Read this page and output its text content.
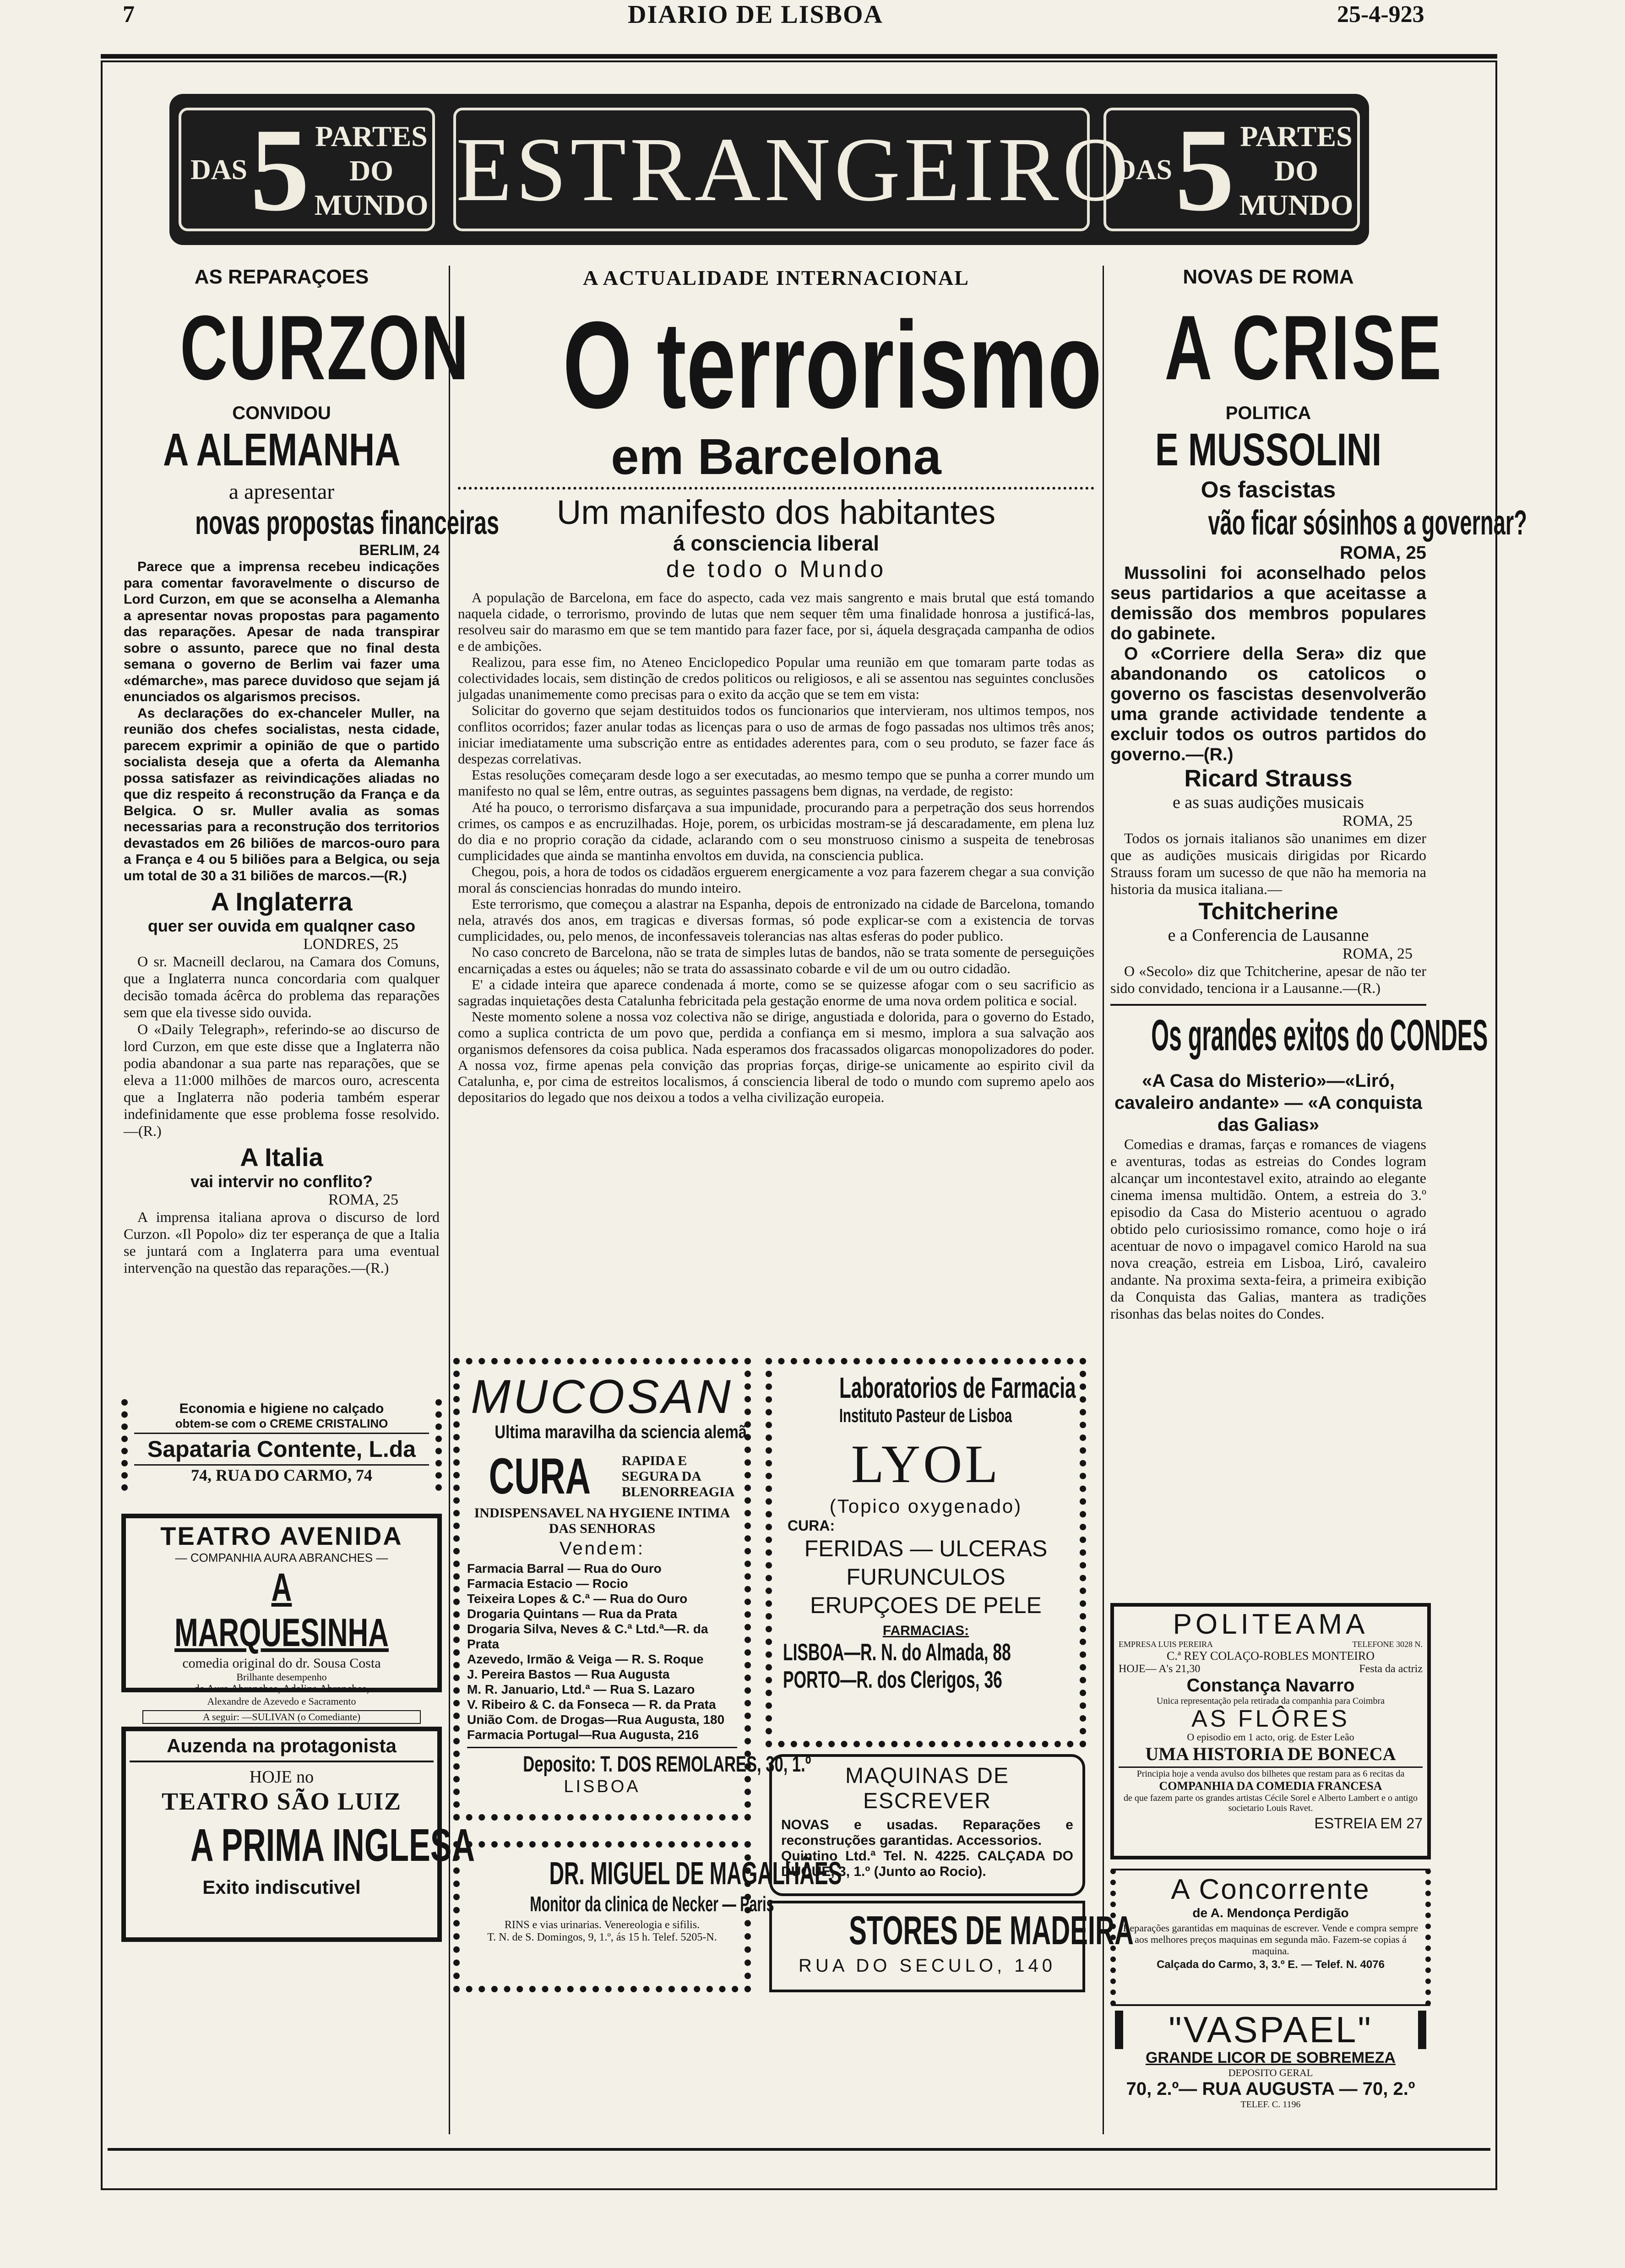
7	DIARIO DE LISBOA	25-4-923
DAS 5 PARTES
DO
MUNDO ESTRANGEIRO
DAS 5 PARTES
DO
MUNDO
AS REPARAÇOES
CURZON
CONVIDOU
A ALEMANHA
a apresentar
novas propostas financeiras
BERLIM, 24

Parece que a imprensa recebeu indicações para comentar favoravelmente o discurso de Lord Curzon, em que se aconselha a Alemanha a apresentar novas propostas para pagamento das reparações. Apesar de nada transpirar sobre o assunto, parece que no final desta semana o governo de Berlim vai fazer uma «démarche», mas parece duvidoso que sejam já enunciados os algarismos precisos.

As declarações do ex-chanceler Muller, na reunião dos chefes socialistas, nesta cidade, parecem exprimir a opinião de que o partido socialista deseja que a oferta da Alemanha possa satisfazer as reivindicações aliadas no que diz respeito á reconstrução da França e da Belgica. O sr. Muller avalia as somas necessarias para a reconstrução dos territorios devastados em 26 biliões de marcos-ouro para a França e 4 ou 5 biliões para a Belgica, ou seja um total de 30 a 31 biliões de marcos.—(R.)

A Inglaterra
quer ser ouvida em qualqner caso
LONDRES, 25

O sr. Macneill declarou, na Camara dos Comuns, que a Inglaterra nunca concordaria com qualquer decisão tomada ácêrca do problema das reparações sem que ela tivesse sido ouvida.

O «Daily Telegraph», referindo-se ao discurso de lord Curzon, em que este disse que a Inglaterra não podia abandonar a sua parte nas reparações, que se eleva a 11:000 milhões de marcos ouro, acrescenta que a Inglaterra não poderia também esperar indefinidamente que esse problema fosse resolvido.—(R.)

A Italia
vai intervir no conflito?
ROMA, 25

A imprensa italiana aprova o discurso de lord Curzon. «Il Popolo» diz ter esperança de que a Italia se juntará com a Inglaterra para uma eventual intervenção na questão das reparações.—(R.)

Economia e higiene no calçado
obtem-se com o CREME CRISTALINO
Sapataria Contente, L.da
74, RUA DO CARMO, 74
TEATRO AVENIDA
— COMPANHIA AURA ABRANCHES —
A MARQUESINHA
comedia original do dr. Sousa Costa
Brilhante desempenho
de Aura Abranches, Adelina Abranches,
Alexandre de Azevedo e Sacramento
A seguir: —SULIVAN (o Comediante)
Auzenda na protagonista
HOJE no
TEATRO SÃO LUIZ
A PRIMA INGLESA
Exito indiscutivel
A ACTUALIDADE INTERNACIONAL
O terrorismo
em Barcelona
Um manifesto dos habitantes
á consciencia liberal
de todo o Mundo

A população de Barcelona, em face do aspecto, cada vez mais sangrento e mais brutal que está tomando naquela cidade, o terrorismo, provindo de lutas que nem sequer têm uma finalidade honrosa a justificá-las, resolveu sair do marasmo em que se tem mantido para fazer face, por si, áquela desgraçada campanha de odios e de ambições.

Realizou, para esse fim, no Ateneo Enciclopedico Popular uma reunião em que tomaram parte todas as colectividades locais, sem distinção de credos politicos ou religiosos, e ali se assentou nas seguintes conclusões julgadas unanimemente como precisas para o exito da acção que se tem em vista:

Solicitar do governo que sejam destituidos todos os funcionarios que intervieram, nos ultimos tempos, nos conflitos ocorridos; fazer anular todas as licenças para o uso de armas de fogo passadas nos ultimos três anos; iniciar imediatamente uma subscrição entre as entidades aderentes para, com o seu produto, se fazer face ás despezas correlativas.

Estas resoluções começaram desde logo a ser executadas, ao mesmo tempo que se punha a correr mundo um manifesto no qual se lêm, entre outras, as seguintes passagens bem dignas, na verdade, de registo:

Até ha pouco, o terrorismo disfarçava a sua impunidade, procurando para a perpetração dos seus horrendos crimes, os campos e as encruzilhadas. Hoje, porem, os urbicidas mostram-se já descaradamente, em plena luz do dia e no proprio coração da cidade, aclarando com o seu monstruoso cinismo a suspeita de tenebrosas cumplicidades que ainda se mantinha envoltos em duvida, na consciencia publica.

Chegou, pois, a hora de todos os cidadãos erguerem energicamente a voz para fazerem chegar a sua convição moral ás consciencias honradas do mundo inteiro.

Este terrorismo, que começou a alastrar na Espanha, depois de entronizado na cidade de Barcelona, tomando nela, através dos anos, em tragicas e diversas formas, só pode explicar-se com a existencia de torvas cumplicidades, ou, pelo menos, de inconfessaveis tolerancias nas altas esferas do poder publico.

No caso concreto de Barcelona, não se trata de simples lutas de bandos, não se trata somente de perseguições encarniçadas a estes ou áqueles; não se trata do assassinato cobarde e vil de um ou outro cidadão.

E' a cidade inteira que aparece condenada á morte, como se se quizesse afogar com o seu sacrificio as sagradas inquietações desta Catalunha febricitada pela gestação enorme de uma nova ordem politica e social.

Neste momento solene a nossa voz colectiva não se dirige, angustiada e dolorida, para o governo do Estado, como a suplica contricta de um povo que, perdida a confiança em si mesmo, implora a sua salvação aos organismos defensores da coisa publica. Nada esperamos dos fracassados oligarcas monopolizadores do poder. A nossa voz, firme apenas pela convição das proprias forças, dirige-se unicamente ao espirito civil da Catalunha, e, por cima de estreitos localismos, á consciencia liberal de todo o mundo com supremo apelo aos depositarios do legado que nos deixou a todos a velha civilização europeia.

MUCOSAN
Ultima maravilha da sciencia alemã
CURA RAPIDA E SEGURA DA BLENORREAGIA
INDISPENSAVEL NA HYGIENE INTIMA DAS SENHORAS
Vendem:
Farmacia Barral — Rua do Ouro
Farmacia Estacio — Rocio
Teixeira Lopes & C.ª — Rua do Ouro
Drogaria Quintans — Rua da Prata
Drogaria Silva, Neves & C.ª Ltd.ª—R. da Prata
Azevedo, Irmão & Veiga — R. S. Roque
J. Pereira Bastos — Rua Augusta
M. R. Januario, Ltd.ª — Rua S. Lazaro
V. Ribeiro & C. da Fonseca — R. da Prata
União Com. de Drogas—Rua Augusta, 180
Farmacia Portugal—Rua Augusta, 216
Deposito: T. DOS REMOLARES, 30, 1.º
LISBOA
Laboratorios de Farmacia
Instituto Pasteur de Lisboa
LYOL
(Topico oxygenado)
CURA:
FERIDAS — ULCERAS
FURUNCULOS
ERUPÇOES DE PELE
FARMACIAS:
LISBOA—R. N. do Almada, 88
PORTO—R. dos Clerigos, 36
MAQUINAS DE ESCREVER
NOVAS e usadas. Reparações e reconstruções garantidas. Accessorios.
Quintino Ltd.ª Tel. N. 4225. CALÇADA DO DUQUE, 3, 1.º (Junto ao Rocio).
STORES DE MADEIRA
RUA DO SECULO, 140
DR. MIGUEL DE MAGALHÃES
Monitor da clinica de Necker — Paris
RINS e vias urinarias. Venereologia e sifilis.
T. N. de S. Domingos, 9, 1.º, ás 15 h. Telef. 5205-N.
NOVAS DE ROMA
A CRISE
POLITICA
E MUSSOLINI
Os fascistas
vão ficar sósinhos a governar?
ROMA, 25

Mussolini foi aconselhado pelos seus partidarios a que aceitasse a demissão dos membros populares do gabinete.

O «Corriere della Sera» diz que abandonando os catolicos o governo os fascistas desenvolverão uma grande actividade tendente a excluir todos os outros partidos do governo.—(R.)

Ricard Strauss
e as suas audições musicais
ROMA, 25

Todos os jornais italianos são unanimes em dizer que as audições musicais dirigidas por Ricardo Strauss foram um sucesso de que não ha memoria na historia da musica italiana.—

Tchitcherine
e a Conferencia de Lausanne
ROMA, 25

O «Secolo» diz que Tchitcherine, apesar de não ter sido convidado, tenciona ir a Lausanne.—(R.)

Os grandes exitos do CONDES
«A Casa do Misterio»—«Liró, cavaleiro andante» — «A conquista das Galias»

Comedias e dramas, farças e romances de viagens e aventuras, todas as estreias do Condes logram alcançar um incontestavel exito, atraindo ao elegante cinema imensa multidão. Ontem, a estreia do 3.º episodio da Casa do Misterio acentuou o agrado obtido pelo curiosissimo romance, como hoje o irá acentuar de novo o impagavel comico Harold na sua nova creação, estreia em Lisboa, Liró, cavaleiro andante. Na proxima sexta-feira, a primeira exibição da Conquista das Galias, mantera as tradições risonhas das belas noites do Condes.

POLITEAMA
EMPRESA LUIS PEREIRA	TELEFONE 3028 N.
C.ª REY COLAÇO-ROBLES MONTEIRO
HOJE— A's 21,30	Festa da actriz
Constança Navarro
Unica representação pela retirada da companhia para Coimbra
AS FLÔRES
O episodio em 1 acto, orig. de Ester Leão
UMA HISTORIA DE BONECA
Principia hoje a venda avulso dos bilhetes que restam para as 6 recitas da
COMPANHIA DA COMEDIA FRANCESA
de que fazem parte os grandes artistas Cécile Sorel e Alberto Lambert e o antigo societario Louis Ravet.
ESTREIA EM 27
A Concorrente
de A. Mendonça Perdigão
Reparações garantidas em maquinas de escrever. Vende e compra sempre aos melhores preços maquinas em segunda mão. Fazem-se copias á maquina.
Calçada do Carmo, 3, 3.º E. — Telef. N. 4076
"VASPAEL"
GRANDE LICOR DE SOBREMEZA
DEPOSITO GERAL
70, 2.º— RUA AUGUSTA — 70, 2.º
TELEF. C. 1196
